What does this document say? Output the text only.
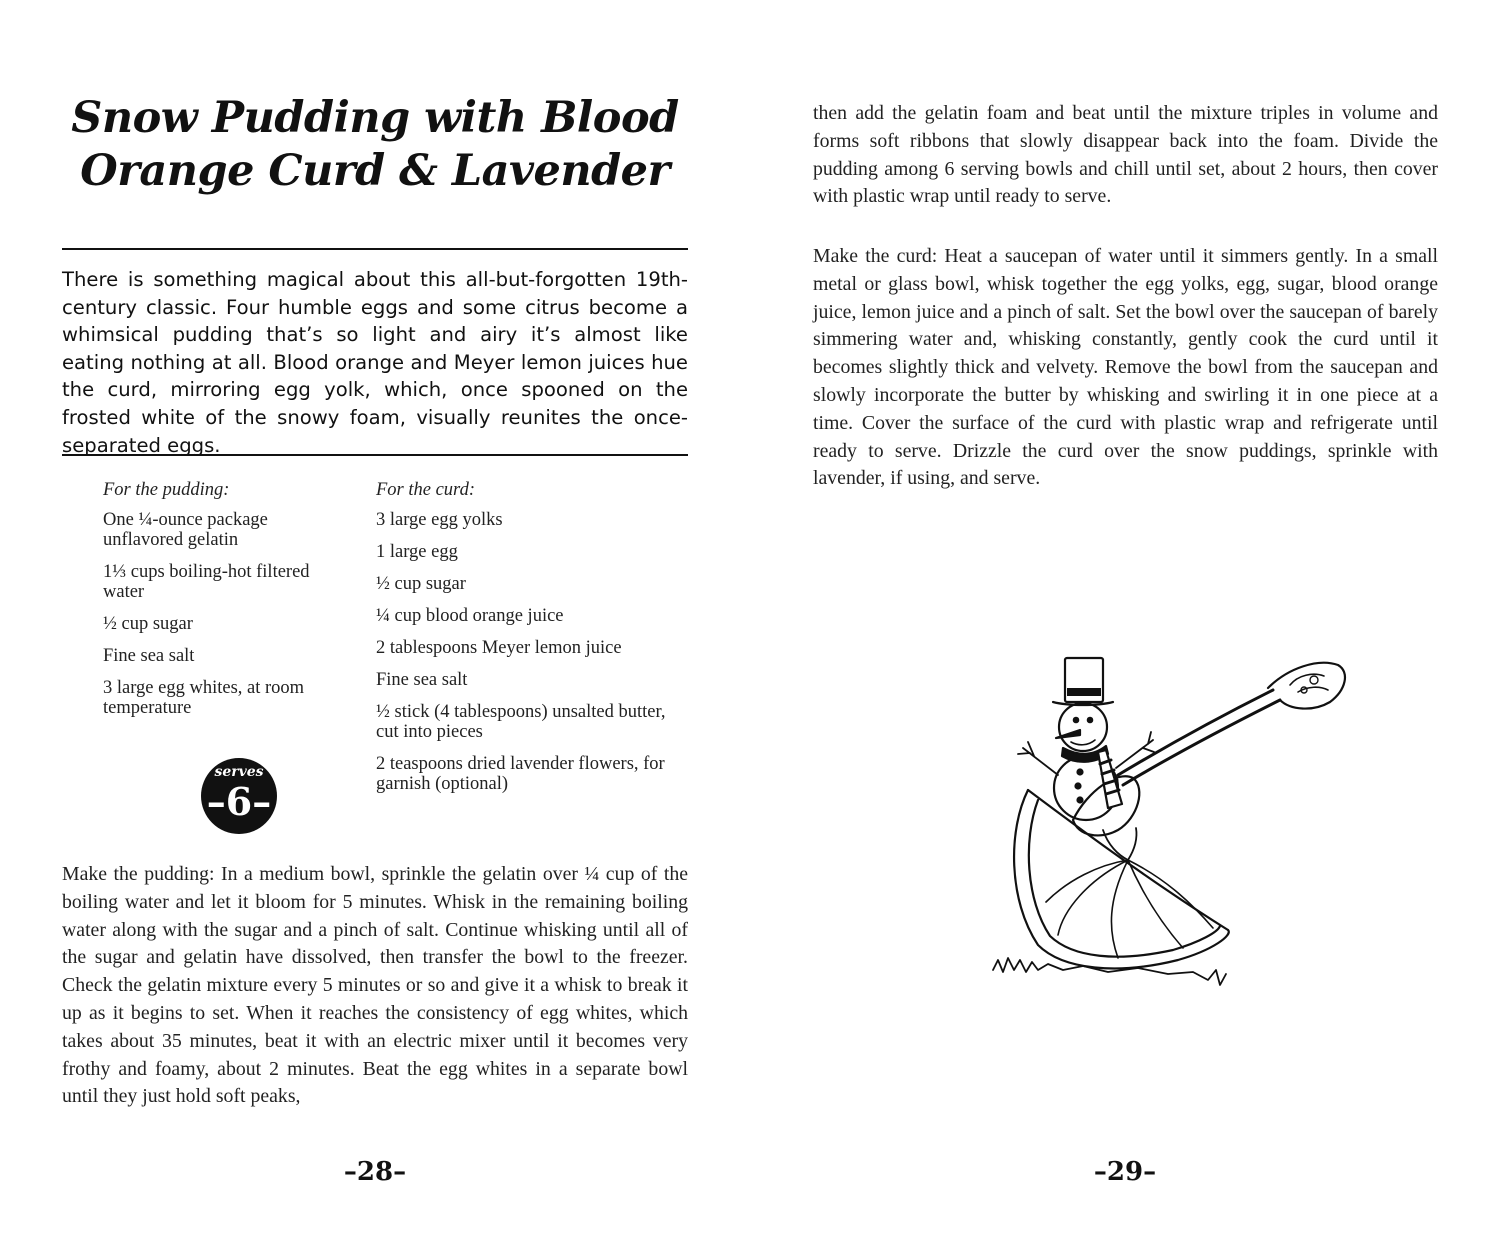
Snow Pudding with Blood Orange Curd & Lavender

There is something magical about this all-but-forgotten 19th-century classic. Four humble eggs and some citrus become a whimsical pudding that’s so light and airy it’s almost like eating nothing at all. Blood orange and Meyer lemon juices hue the curd, mirroring egg yolk, which, once spooned on the frosted white of the snowy foam, visually reunites the once-separated eggs.

For the pudding:
One ¼-ounce package unflavored gelatin
1⅓ cups boiling-hot filtered water
½ cup sugar
Fine sea salt
3 large egg whites, at room temperature
serves
–6–
For the curd:
3 large egg yolks
1 large egg
½ cup sugar
¼ cup blood orange juice
2 tablespoons Meyer lemon juice
Fine sea salt
½ stick (4 tablespoons) unsalted butter, cut into pieces
2 teaspoons dried lavender flowers, for garnish (optional)

Make the pudding: In a medium bowl, sprinkle the gelatin over ¼ cup of the boiling water and let it bloom for 5 minutes. Whisk in the remaining boiling water along with the sugar and a pinch of salt. Continue whisking until all of the sugar and gelatin have dissolved, then transfer the bowl to the freezer. Check the gelatin mixture every 5 minutes or so and give it a whisk to break it up as it begins to set. When it reaches the consistency of egg whites, which takes about 35 minutes, beat it with an electric mixer until it becomes very frothy and foamy, about 2 minutes. Beat the egg whites in a separate bowl until they just hold soft peaks,

–28–

then add the gelatin foam and beat until the mixture triples in volume and forms soft ribbons that slowly disappear back into the foam. Divide the pudding among 6 serving bowls and chill until set, about 2 hours, then cover with plastic wrap until ready to serve.

Make the curd: Heat a saucepan of water until it simmers gently. In a small metal or glass bowl, whisk together the egg yolks, egg, sugar, blood orange juice, lemon juice and a pinch of salt. Set the bowl over the saucepan of barely simmering water and, whisking constantly, gently cook the curd until it becomes slightly thick and velvety. Remove the bowl from the saucepan and slowly incorporate the butter by whisking and swirling it in one piece at a time. Cover the surface of the curd with plastic wrap and refrigerate until ready to serve. Drizzle the curd over the snow puddings, sprinkle with lavender, if using, and serve.

–29–
